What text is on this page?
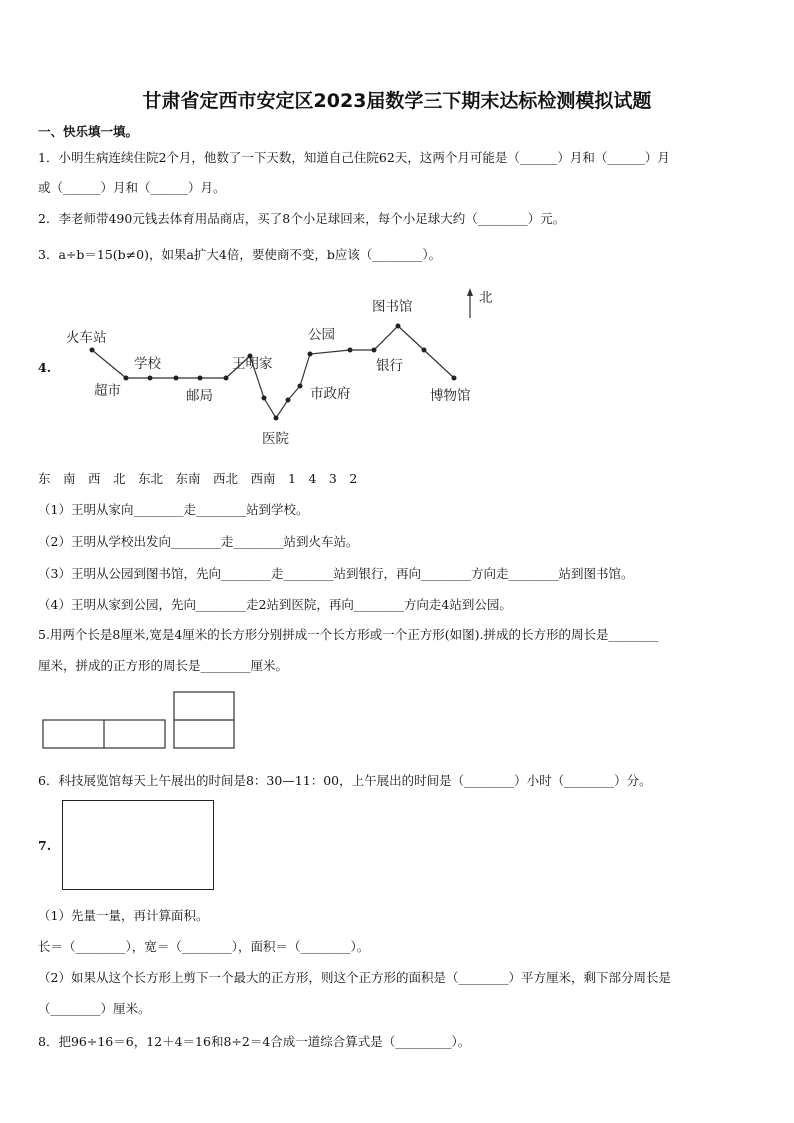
甘肃省定西市安定区2023届数学三下期末达标检测模拟试题
一、快乐填一填。
1．小明生病连续住院2个月，他数了一下天数，知道自己住院62天，这两个月可能是（______）月和（______）月
或（______）月和（______）月。
2．李老师带490元钱去体育用品商店，买了8个小足球回来，每个小足球大约（________）元。
3．a÷b＝15(b≠0)，如果a扩大4倍，要使商不变，b应该（________）。
4.
火车站
超市
学校
邮局
王明家
医院
市政府
公园
图书馆
银行
博物馆
北
东　南　西　北　东北　东南　西北　西南　1　4　3　2
（1）王明从家向________走________站到学校。
（2）王明从学校出发向________走________站到火车站。
（3）王明从公园到图书馆，先向________走________站到银行，再向________方向走________站到图书馆。
（4）王明从家到公园，先向________走2站到医院，再向________方向走4站到公园。
5.用两个长是8厘米,宽是4厘米的长方形分别拼成一个长方形或一个正方形(如图).拼成的长方形的周长是________
厘米，拼成的正方形的周长是________厘米。
6．科技展览馆每天上午展出的时间是8：30—11：00，上午展出的时间是（________）小时（________）分。
7.
（1）先量一量，再计算面积。
长＝（________），宽＝（________），面积＝（________）。
（2）如果从这个长方形上剪下一个最大的正方形，则这个正方形的面积是（________）平方厘米，剩下部分周长是
（________）厘米。
8．把96÷16＝6，12＋4＝16和8÷2＝4合成一道综合算式是（_________）。
